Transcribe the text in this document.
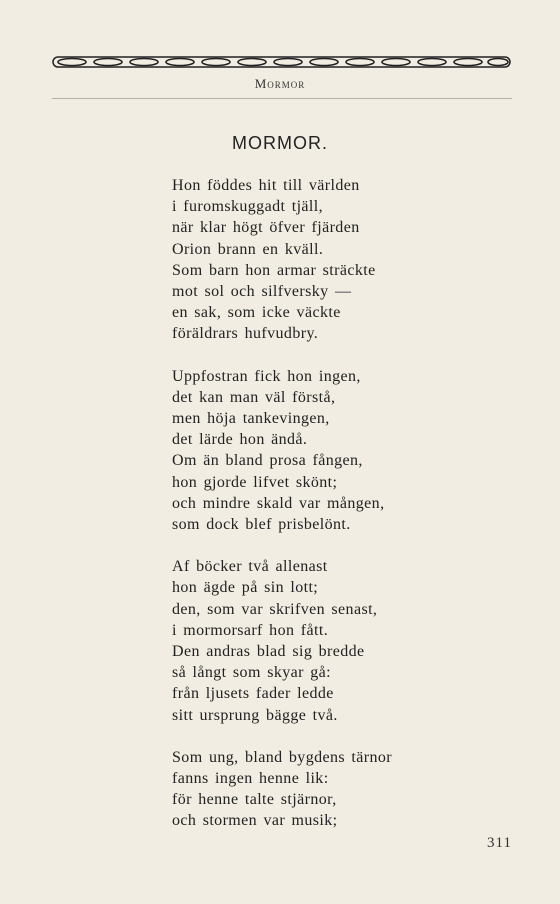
Mormor
MORMOR.
Hon föddes hit till världen
i furomskuggadt tjäll,
när klar högt öfver fjärden
Orion brann en kväll.
Som barn hon armar sträckte
mot sol och silfversky —
en sak, som icke väckte
föräldrars hufvudbry.
Uppfostran fick hon ingen,
det kan man väl förstå,
men höja tankevingen,
det lärde hon ändå.
Om än bland prosa fången,
hon gjorde lifvet skönt;
och mindre skald var mången,
som dock blef prisbelönt.
Af böcker två allenast
hon ägde på sin lott;
den, som var skrifven senast,
i mormorsarf hon fått.
Den andras blad sig bredde
så långt som skyar gå:
från ljusets fader ledde
sitt ursprung bägge två.
Som ung, bland bygdens tärnor
fanns ingen henne lik:
för henne talte stjärnor,
och stormen var musik;
311
